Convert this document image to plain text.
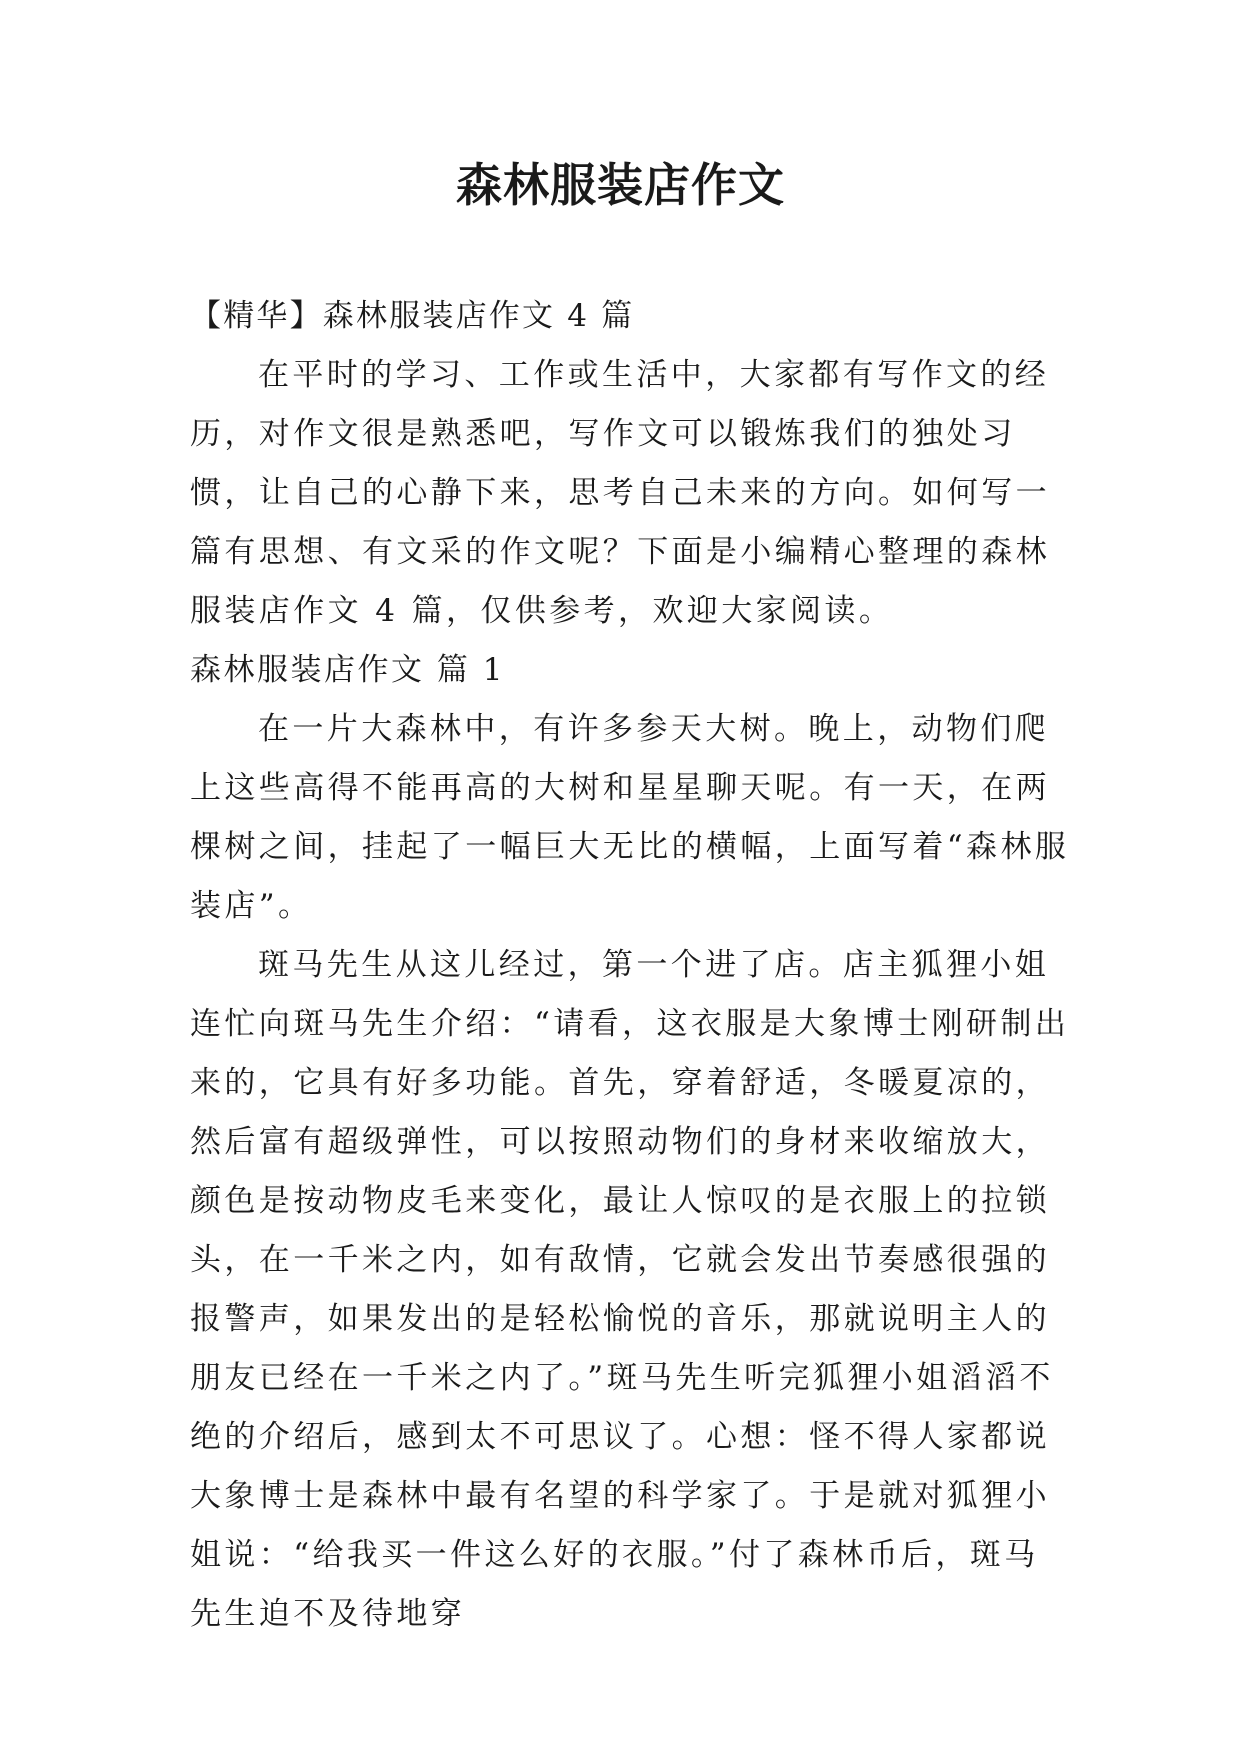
森林服装店作文

【精华】森林服装店作文 4 篇

在平时的学习、工作或生活中，大家都有写作文的经历，对作文很是熟悉吧，写作文可以锻炼我们的独处习惯，让自己的心静下来，思考自己未来的方向。如何写一篇有思想、有文采的作文呢？下面是小编精心整理的森林服装店作文 4 篇，仅供参考，欢迎大家阅读。

森林服装店作文 篇 1

在一片大森林中，有许多参天大树。晚上，动物们爬上这些高得不能再高的大树和星星聊天呢。有一天，在两棵树之间，挂起了一幅巨大无比的横幅，上面写着“森林服装店”。

斑马先生从这儿经过，第一个进了店。店主狐狸小姐连忙向斑马先生介绍：“请看，这衣服是大象博士刚研制出来的，它具有好多功能。首先，穿着舒适，冬暖夏凉的，然后富有超级弹性，可以按照动物们的身材来收缩放大，颜色是按动物皮毛来变化，最让人惊叹的是衣服上的拉锁头，在一千米之内，如有敌情，它就会发出节奏感很强的报警声，如果发出的是轻松愉悦的音乐，那就说明主人的朋友已经在一千米之内了。”斑马先生听完狐狸小姐滔滔不绝的介绍后，感到太不可思议了。心想：怪不得人家都说大象博士是森林中最有名望的科学家了。于是就对狐狸小姐说：“给我买一件这么好的衣服。”付了森林币后，斑马先生迫不及待地穿
